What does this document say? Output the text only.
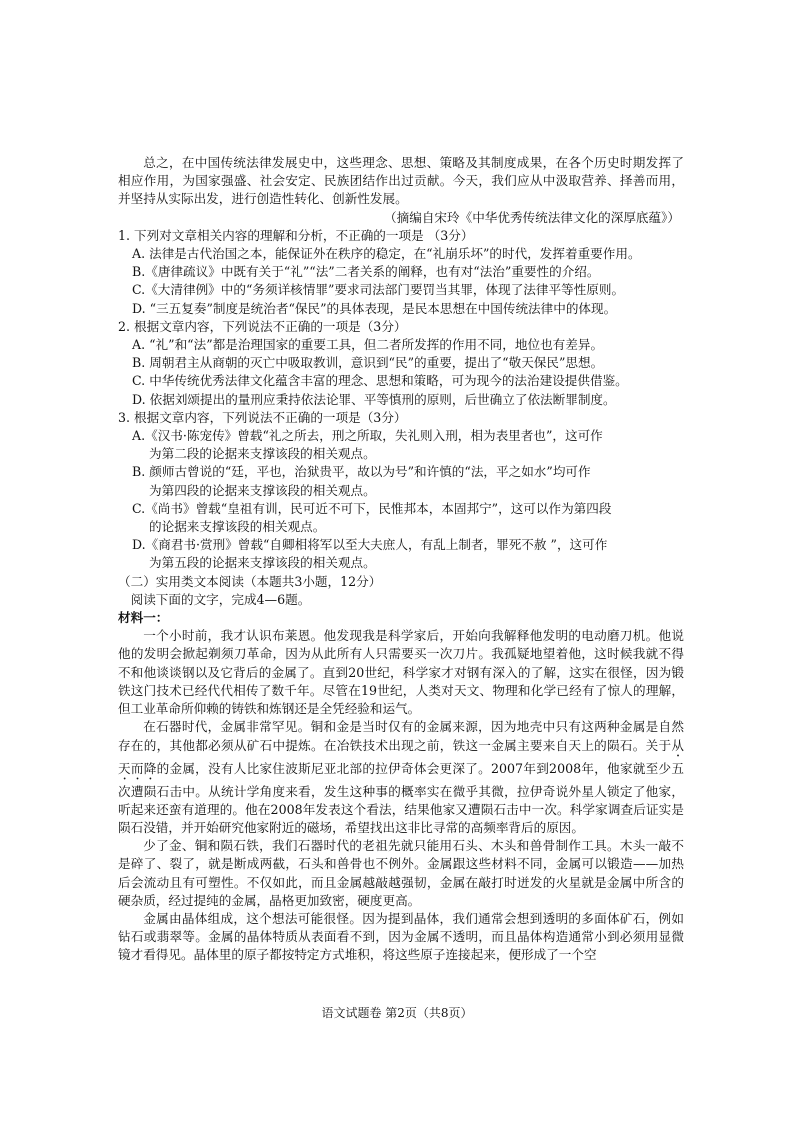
总之，在中国传统法律发展史中，这些理念、思想、策略及其制度成果，在各个历史时期发挥了相应作用，为国家强盛、社会安定、民族团结作出过贡献。今天，我们应从中汲取营养、择善而用，并坚持从实际出发，进行创造性转化、创新性发展。

（摘编自宋玲《中华优秀传统法律文化的深厚底蕴》）

1. 下列对文章相关内容的理解和分析，不正确的一项是 （3分）

A. 法律是古代治国之本，能保证外在秩序的稳定，在“礼崩乐坏”的时代，发挥着重要作用。

B.《唐律疏议》中既有关于“礼”“法”二者关系的阐释，也有对“法治”重要性的介绍。

C.《大清律例》中的“务须详核情罪”要求司法部门要罚当其罪，体现了法律平等性原则。

D. “三五复奏”制度是统治者“保民”的具体表现，是民本思想在中国传统法律中的体现。

2. 根据文章内容，下列说法不正确的一项是（3分）

A. “礼”和“法”都是治理国家的重要工具，但二者所发挥的作用不同，地位也有差异。

B. 周朝君主从商朝的灭亡中吸取教训，意识到“民”的重要，提出了“敬天保民”思想。

C. 中华传统优秀法律文化蕴含丰富的理念、思想和策略，可为现今的法治建设提供借鉴。

D. 依据刘颂提出的量刑应秉持依法论罪、平等慎刑的原则，后世确立了依法断罪制度。

3. 根据文章内容，下列说法不正确的一项是（3分）

A.《汉书·陈宠传》曾载“礼之所去，刑之所取，失礼则入刑，相为表里者也”，这可作
为第二段的论据来支撑该段的相关观点。

B. 颜师古曾说的“廷，平也，治狱贵平，故以为号”和许慎的“法，平之如水”均可作
为第四段的论据来支撑该段的相关观点。

C.《尚书》曾载“皇祖有训，民可近不可下，民惟邦本，本固邦宁”，这可以作为第四段
的论据来支撑该段的相关观点。

D.《商君书·赏刑》曾载“自卿相将军以至大夫庶人，有乱上制者，罪死不赦 ”，这可作
为第五段的论据来支撑该段的相关观点。

（二）实用类文本阅读（本题共3小题，12分）

阅读下面的文字，完成4—6题。

材料一：

一个小时前，我才认识布莱恩。他发现我是科学家后，开始向我解释他发明的电动磨刀机。他说他的发明会掀起剃须刀革命，因为从此所有人只需要买一次刀片。我孤疑地望着他，这时候我就不得不和他谈谈钢以及它背后的金属了。直到20世纪，科学家才对钢有深入的了解，这实在很怪，因为锻铁这门技术已经代代相传了数千年。尽管在19世纪，人类对天文、物理和化学已经有了惊人的理解，但工业革命所仰赖的铸铁和炼钢还是全凭经验和运气。

在石器时代，金属非常罕见。铜和金是当时仅有的金属来源，因为地壳中只有这两种金属是自然存在的，其他都必须从矿石中提炼。在冶铁技术出现之前，铁这一金属主要来自天上的陨石。关于从天而降的金属，没有人比家住波斯尼亚北部的拉伊奇体会更深了。2007年到2008年，他家就至少五次遭陨石击中。从统计学角度来看，发生这种事的概率实在微乎其微，拉伊奇说外星人锁定了他家，听起来还蛮有道理的。他在2008年发表这个看法，结果他家又遭陨石击中一次。科学家调查后证实是陨石没错，并开始研究他家附近的磁场，希望找出这非比寻常的高频率背后的原因。

少了金、铜和陨石铁，我们石器时代的老祖先就只能用石头、木头和兽骨制作工具。木头一敲不是碎了、裂了，就是断成两截，石头和兽骨也不例外。金属跟这些材料不同，金属可以锻造——加热后会流动且有可塑性。不仅如此，而且金属越敲越强韧，金属在敲打时迸发的火星就是金属中所含的硬杂质，经过提纯的金属，晶格更加致密，硬度更高。

金属由晶体组成，这个想法可能很怪。因为提到晶体，我们通常会想到透明的多面体矿石，例如钻石或翡翠等。金属的晶体特质从表面看不到，因为金属不透明，而且晶体构造通常小到必须用显微镜才看得见。晶体里的原子都按特定方式堆积，将这些原子连接起来，便形成了一个空

语文试题卷 第2页（共8页）
